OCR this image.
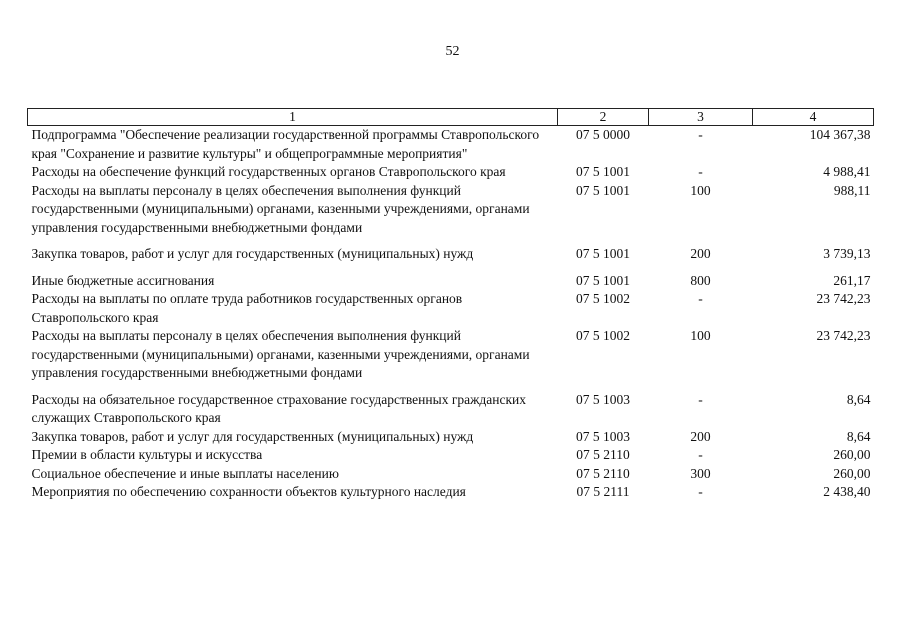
52
1	2	3	4
Подпрограмма "Обеспечение реализации государственной программы Ставропольского края "Сохранение и развитие культуры" и общепрограммные мероприятия"	07 5 0000	-	104 367,38
Расходы на обеспечение функций государственных органов Ставропольского края	07 5 1001	-	4 988,41
Расходы на выплаты персоналу в целях обеспечения выполнения функций государственными (муниципальными) органами, казенными учреждениями, органами управления государственными внебюджетными фондами	07 5 1001	100	988,11
Закупка товаров, работ и услуг для государственных (муниципальных) нужд	07 5 1001	200	3 739,13
Иные бюджетные ассигнования	07 5 1001	800	261,17
Расходы на выплаты по оплате труда работников государственных органов Ставропольского края	07 5 1002	-	23 742,23
Расходы на выплаты персоналу в целях обеспечения выполнения функций государственными (муниципальными) органами, казенными учреждениями, органами управления государственными внебюджетными фондами	07 5 1002	100	23 742,23
Расходы на обязательное государственное страхование государственных гражданских служащих Ставропольского края	07 5 1003	-	8,64
Закупка товаров, работ и услуг для государственных (муниципальных) нужд	07 5 1003	200	8,64
Премии в области культуры и искусства	07 5 2110	-	260,00
Социальное обеспечение и иные выплаты населению	07 5 2110	300	260,00
Мероприятия по обеспечению сохранности объектов культурного наследия	07 5 2111	-	2 438,40
